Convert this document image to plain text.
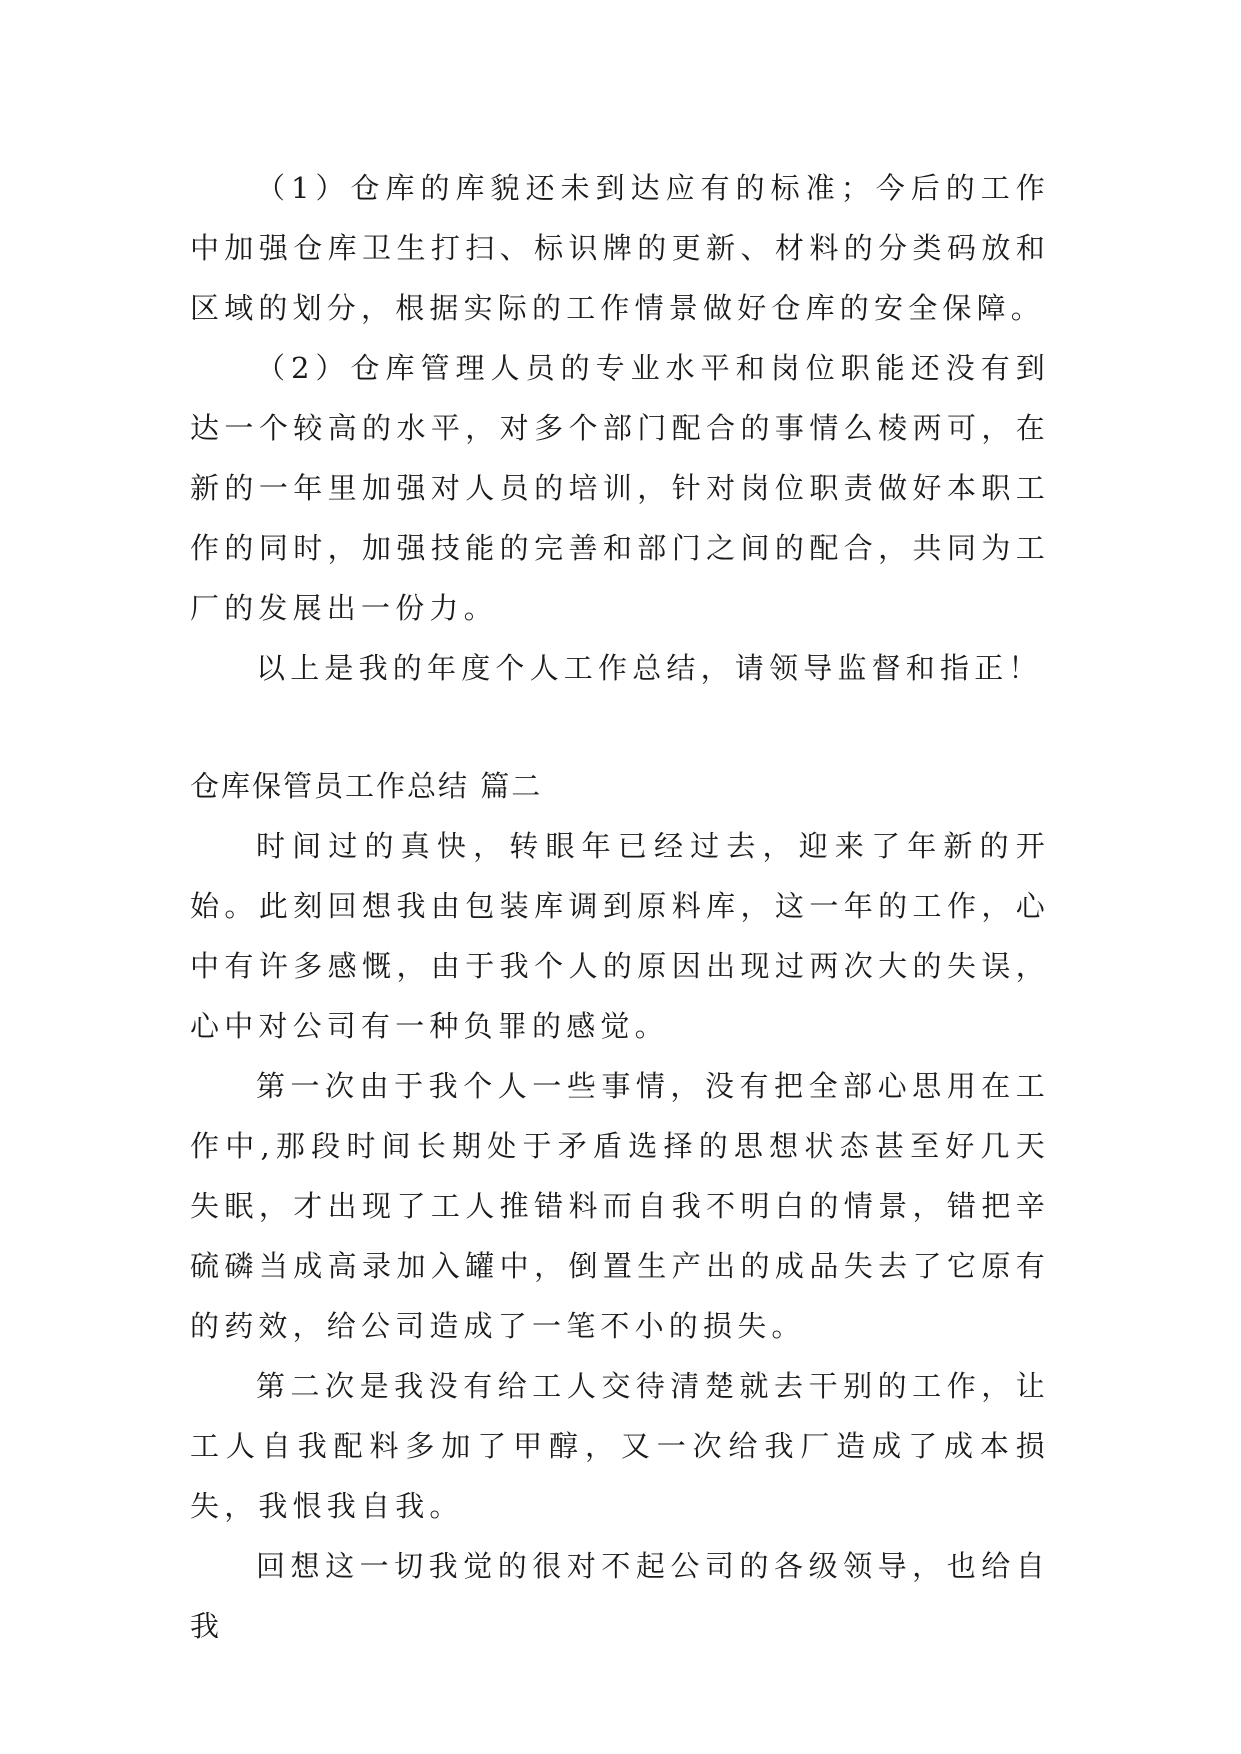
（1）仓库的库貌还未到达应有的标准；今后的工作中加强仓库卫生打扫、标识牌的更新、材料的分类码放和区域的划分，根据实际的工作情景做好仓库的安全保障。

（2）仓库管理人员的专业水平和岗位职能还没有到达一个较高的水平，对多个部门配合的事情么棱两可，在新的一年里加强对人员的培训，针对岗位职责做好本职工作的同时，加强技能的完善和部门之间的配合，共同为工厂的发展出一份力。

以上是我的年度个人工作总结，请领导监督和指正！

仓库保管员工作总结 篇二

时间过的真快，转眼年已经过去，迎来了年新的开始。此刻回想我由包装库调到原料库，这一年的工作，心中有许多感慨，由于我个人的原因出现过两次大的失误，心中对公司有一种负罪的感觉。

第一次由于我个人一些事情，没有把全部心思用在工作中,那段时间长期处于矛盾选择的思想状态甚至好几天失眠，才出现了工人推错料而自我不明白的情景，错把辛硫磷当成高录加入罐中，倒置生产出的成品失去了它原有的药效，给公司造成了一笔不小的损失。

第二次是我没有给工人交待清楚就去干别的工作，让工人自我配料多加了甲醇，又一次给我厂造成了成本损失，我恨我自我。

回想这一切我觉的很对不起公司的各级领导，也给自我
